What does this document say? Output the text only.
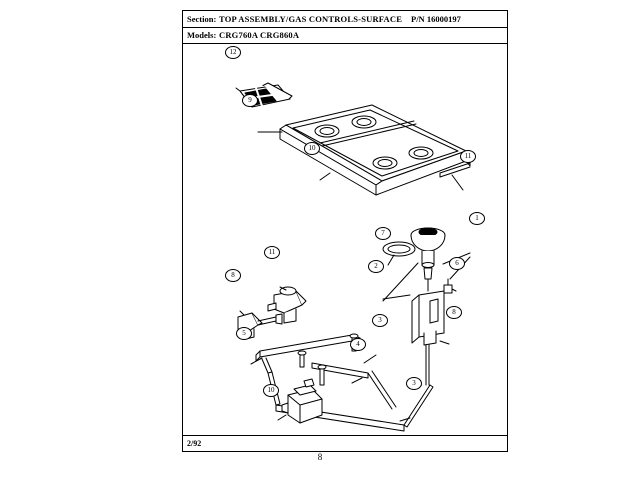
Section: TOP ASSEMBLY/GAS CONTROLS-SURFACE P/N 16000197
Models: CRG760A CRG860A
2/92
12
9
10
11
1
7
6
11
2
8
8
3
5
4
3
10
8
